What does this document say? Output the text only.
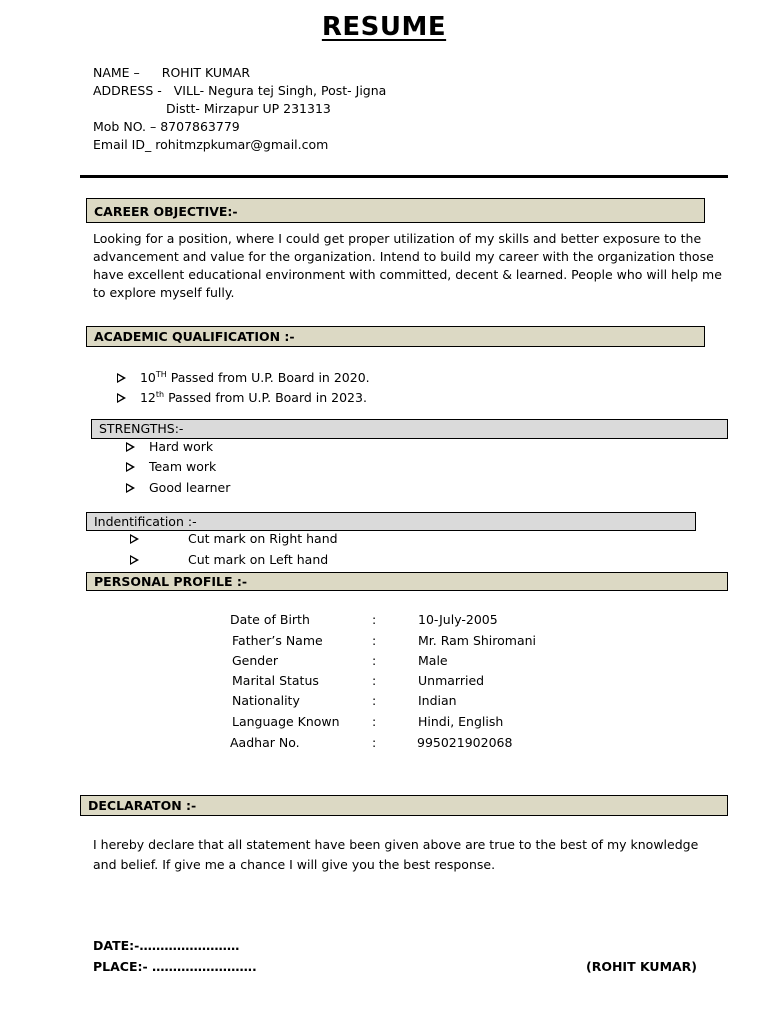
RESUME
NAME – ROHIT KUMAR
ADDRESS - VILL- Negura tej Singh, Post- Jigna
Distt- Mirzapur UP 231313
Mob NO. – 8707863779
Email ID_ rohitmzpkumar@gmail.com
CAREER OBJECTIVE:-
Looking for a position, where I could get proper utilization of my skills and better exposure to the advancement and value for the organization. Intend to build my career with the organization those have excellent educational environment with committed, decent & learned. People who will help me to explore myself fully.
ACADEMIC QUALIFICATION :-
10TH Passed from U.P. Board in 2020.
12th Passed from U.P. Board in 2023.
STRENGTHS:-
Hard work
Team work
Good learner
Indentification :-
Cut mark on Right hand
Cut mark on Left hand
PERSONAL PROFILE :-
Date of Birth	:	10-July-2005
Father’s Name	:	Mr. Ram Shiromani
Gender	:	Male
Marital Status	:	Unmarried
Nationality	:	Indian
Language Known	:	Hindi, English
Aadhar No.	:	995021902068
DECLARATON :-
I hereby declare that all statement have been given above are true to the best of my knowledge and belief. If give me a chance I will give you the best response.
DATE:-……………………
PLACE:- …………………….	(ROHIT KUMAR)
